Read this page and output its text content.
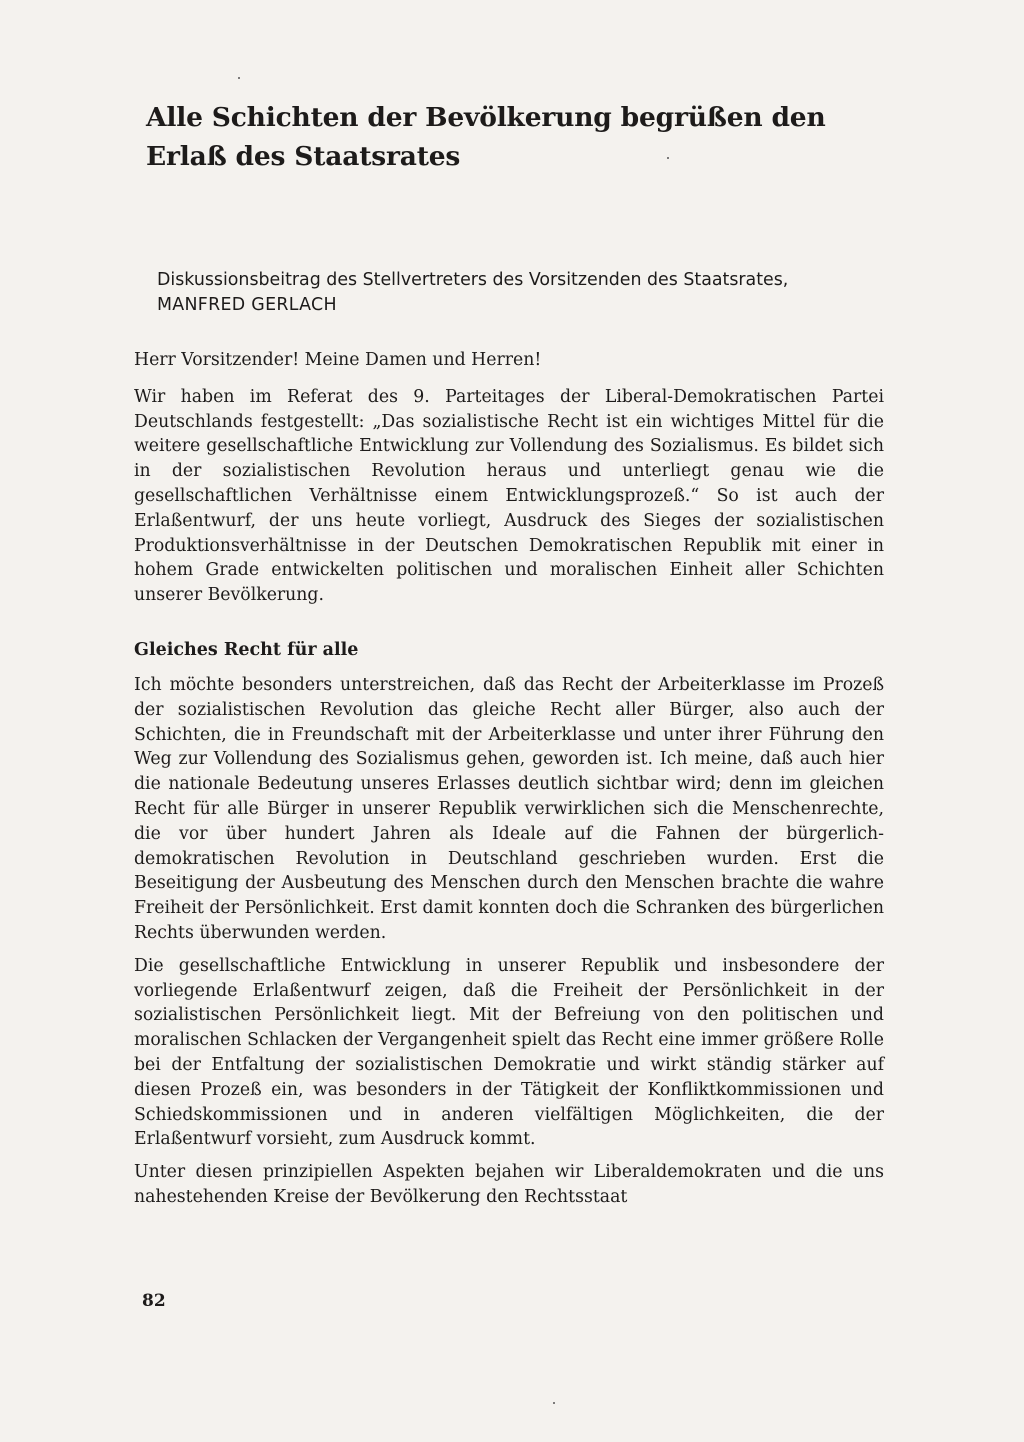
Alle Schichten der Bevölkerung begrüßen den
Erlaß des Staatsrates
Diskussionsbeitrag des Stellvertreters des Vorsitzenden des Staatsrates,
MANFRED GERLACH

Herr Vorsitzender! Meine Damen und Herren!

Wir haben im Referat des 9. Parteitages der Liberal-Demokratischen Partei Deutschlands festgestellt: „Das sozialistische Recht ist ein wichtiges Mittel für die weitere gesellschaftliche Entwicklung zur Vollendung des Sozialismus. Es bildet sich in der sozialistischen Revolution heraus und unterliegt genau wie die gesellschaftlichen Verhältnisse einem Entwicklungsprozeß.“ So ist auch der Erlaßentwurf, der uns heute vorliegt, Ausdruck des Sieges der sozialistischen Produktionsverhältnisse in der Deutschen Demokratischen Republik mit einer in hohem Grade entwickelten politischen und moralischen Einheit aller Schichten unserer Bevölkerung.

Gleiches Recht für alle

Ich möchte besonders unterstreichen, daß das Recht der Arbeiterklasse im Prozeß der sozialistischen Revolution das gleiche Recht aller Bürger, also auch der Schichten, die in Freundschaft mit der Arbeiterklasse und unter ihrer Führung den Weg zur Vollendung des Sozialismus gehen, geworden ist. Ich meine, daß auch hier die nationale Bedeutung unseres Erlasses deutlich sichtbar wird; denn im gleichen Recht für alle Bürger in unserer Republik verwirklichen sich die Menschenrechte, die vor über hundert Jahren als Ideale auf die Fahnen der bürgerlich-demokratischen Revolution in Deutschland geschrieben wurden. Erst die Beseitigung der Ausbeutung des Menschen durch den Menschen brachte die wahre Freiheit der Persönlichkeit. Erst damit konnten doch die Schranken des bürgerlichen Rechts überwunden werden.

Die gesellschaftliche Entwicklung in unserer Republik und insbesondere der vorliegende Erlaßentwurf zeigen, daß die Freiheit der Persönlichkeit in der sozialistischen Persönlichkeit liegt. Mit der Befreiung von den politischen und moralischen Schlacken der Vergangenheit spielt das Recht eine immer größere Rolle bei der Entfaltung der sozialistischen Demokratie und wirkt ständig stärker auf diesen Prozeß ein, was besonders in der Tätigkeit der Konfliktkommissionen und Schiedskommissionen und in anderen vielfältigen Möglichkeiten, die der Erlaßentwurf vorsieht, zum Ausdruck kommt.

Unter diesen prinzipiellen Aspekten bejahen wir Liberaldemokraten und die uns nahestehenden Kreise der Bevölkerung den Rechtsstaat

82
